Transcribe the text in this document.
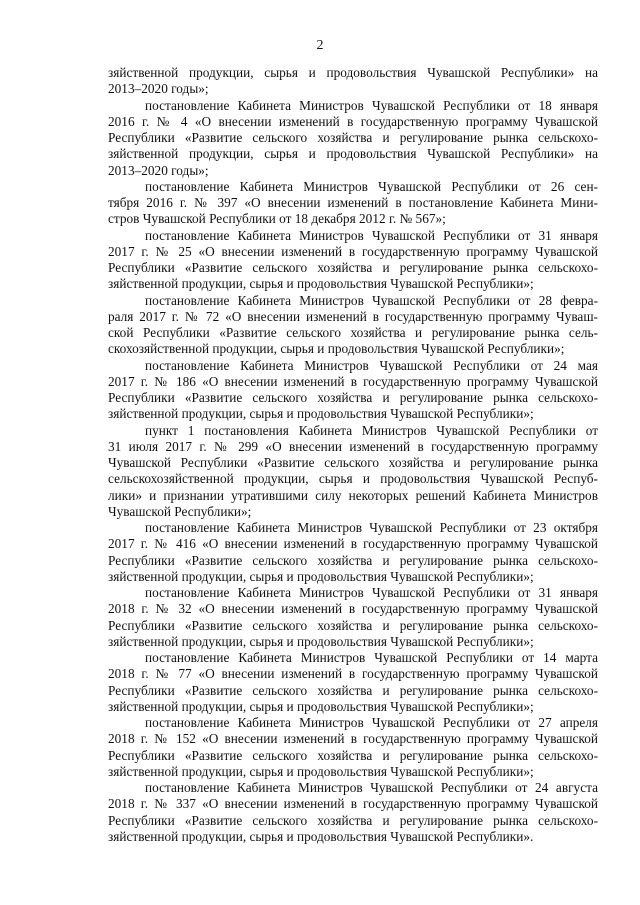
2
зяйственной продукции, сырья и продовольствия Чувашской Республики» на
2013–2020 годы»;
постановление Кабинета Министров Чувашской Республики от 18 января
2016 г. № 4 «О внесении изменений в государственную программу Чувашской
Республики «Развитие сельского хозяйства и регулирование рынка сельскохо-
зяйственной продукции, сырья и продовольствия Чувашской Республики» на
2013–2020 годы»;
постановление Кабинета Министров Чувашской Республики от 26 сен-
тября 2016 г. № 397 «О внесении изменений в постановление Кабинета Мини-
стров Чувашской Республики от 18 декабря 2012 г. № 567»;
постановление Кабинета Министров Чувашской Республики от 31 января
2017 г. № 25 «О внесении изменений в государственную программу Чувашской
Республики «Развитие сельского хозяйства и регулирование рынка сельскохо-
зяйственной продукции, сырья и продовольствия Чувашской Республики»;
постановление Кабинета Министров Чувашской Республики от 28 февра-
раля 2017 г. № 72 «О внесении изменений в государственную программу Чуваш-
ской Республики «Развитие сельского хозяйства и регулирование рынка сель-
скохозяйственной продукции, сырья и продовольствия Чувашской Республики»;
постановление Кабинета Министров Чувашской Республики от 24 мая
2017 г. № 186 «О внесении изменений в государственную программу Чувашской
Республики «Развитие сельского хозяйства и регулирование рынка сельскохо-
зяйственной продукции, сырья и продовольствия Чувашской Республики»;
пункт 1 постановления Кабинета Министров Чувашской Республики от
31 июля 2017 г. № 299 «О внесении изменений в государственную программу
Чувашской Республики «Развитие сельского хозяйства и регулирование рынка
сельскохозяйственной продукции, сырья и продовольствия Чувашской Респуб-
лики» и признании утратившими силу некоторых решений Кабинета Министров
Чувашской Республики»;
постановление Кабинета Министров Чувашской Республики от 23 октября
2017 г. № 416 «О внесении изменений в государственную программу Чувашской
Республики «Развитие сельского хозяйства и регулирование рынка сельскохо-
зяйственной продукции, сырья и продовольствия Чувашской Республики»;
постановление Кабинета Министров Чувашской Республики от 31 января
2018 г. № 32 «О внесении изменений в государственную программу Чувашской
Республики «Развитие сельского хозяйства и регулирование рынка сельскохо-
зяйственной продукции, сырья и продовольствия Чувашской Республики»;
постановление Кабинета Министров Чувашской Республики от 14 марта
2018 г. № 77 «О внесении изменений в государственную программу Чувашской
Республики «Развитие сельского хозяйства и регулирование рынка сельскохо-
зяйственной продукции, сырья и продовольствия Чувашской Республики»;
постановление Кабинета Министров Чувашской Республики от 27 апреля
2018 г. № 152 «О внесении изменений в государственную программу Чувашской
Республики «Развитие сельского хозяйства и регулирование рынка сельскохо-
зяйственной продукции, сырья и продовольствия Чувашской Республики»;
постановление Кабинета Министров Чувашской Республики от 24 августа
2018 г. № 337 «О внесении изменений в государственную программу Чувашской
Республики «Развитие сельского хозяйства и регулирование рынка сельскохо-
зяйственной продукции, сырья и продовольствия Чувашской Республики».
